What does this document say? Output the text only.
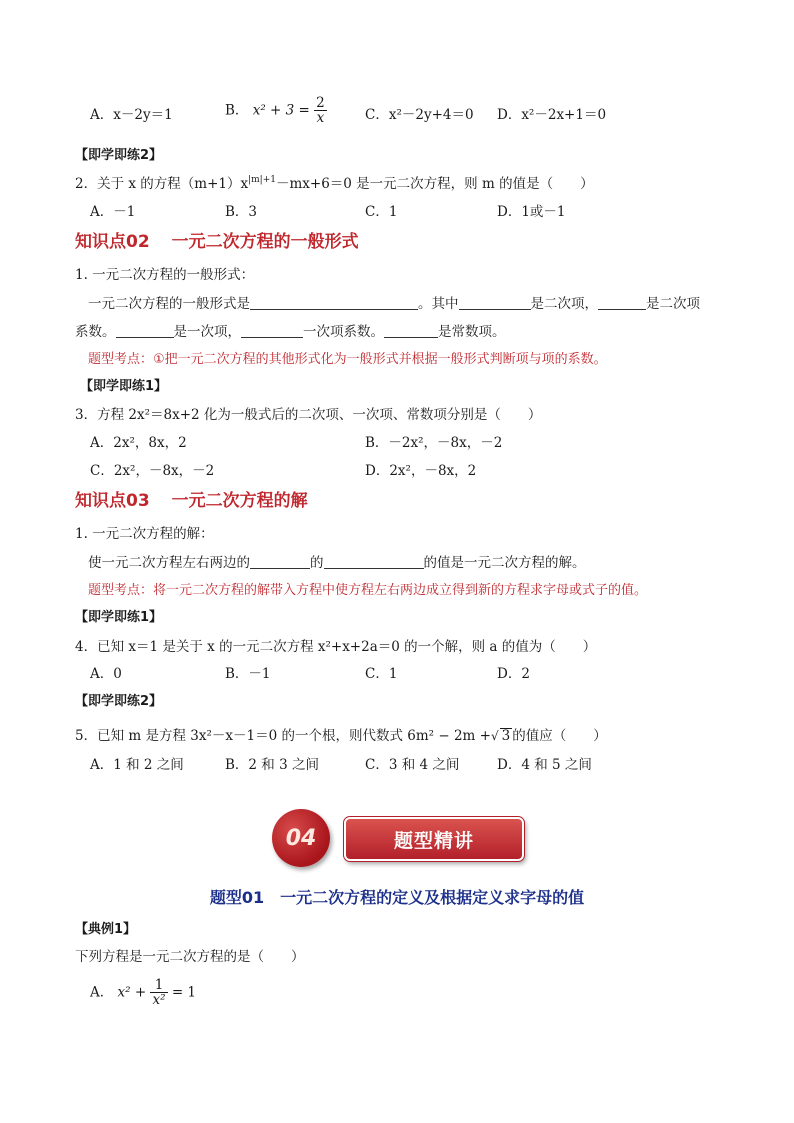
A．x－2y＝1	B． $x^2 + 3 = \frac{2}{x}$	C．x²－2y+4＝0 D．x²－2x+1＝0
【即学即练2】
2．关于 x 的方程$(m+1)x^{|m|+1}-mx+6=0$ 是一元二次方程，则 m 的值是（　　）
A．－1	B．3	C．1	D．1或－1
知识点02 一元二次方程的一般形式
1. 一元二次方程的一般形式：
一元二次方程的一般形式是	。其中	是二次项，	是二次项
系数。	是一次项，	一次项系数。	是常数项。
题型考点：①把一元二次方程的其他形式化为一般形式并根据一般形式判断项与项的系数。
【即学即练1】
3．方程 2x²＝8x+2 化为一般式后的二次项、一次项、常数项分别是（　　）
A．2x²，8x，2	B．－2x²，－8x，－2
C．2x²，－8x，－2	D．2x²，－8x，2
知识点03 一元二次方程的解
1. 一元二次方程的解：
使一元二次方程左右两边的	的	的值是一元二次方程的解。
题型考点：将一元二次方程的解带入方程中使方程左右两边成立得到新的方程求字母或式子的值。
【即学即练1】
4．已知 x＝1 是关于 x 的一元二次方程 x²+x+2a＝0 的一个解，则 a 的值为（　　）
A．0	B．－1	C．1	D．2
【即学即练2】
5．已知 m 是方程 3x²－x－1＝0 的一个根，则代数式 6m² − 2m +√ 3 的值应（　　）
A．1 和 2 之间	B．2 和 3 之间	C．3 和 4 之间	D．4 和 5 之间
04	题型精讲
题型01　一元二次方程的定义及根据定义求字母的值
【典例1】
下列方程是一元二次方程的是（　　）
A． $x^2 + \frac{1}{\text{x²}} = 1$
